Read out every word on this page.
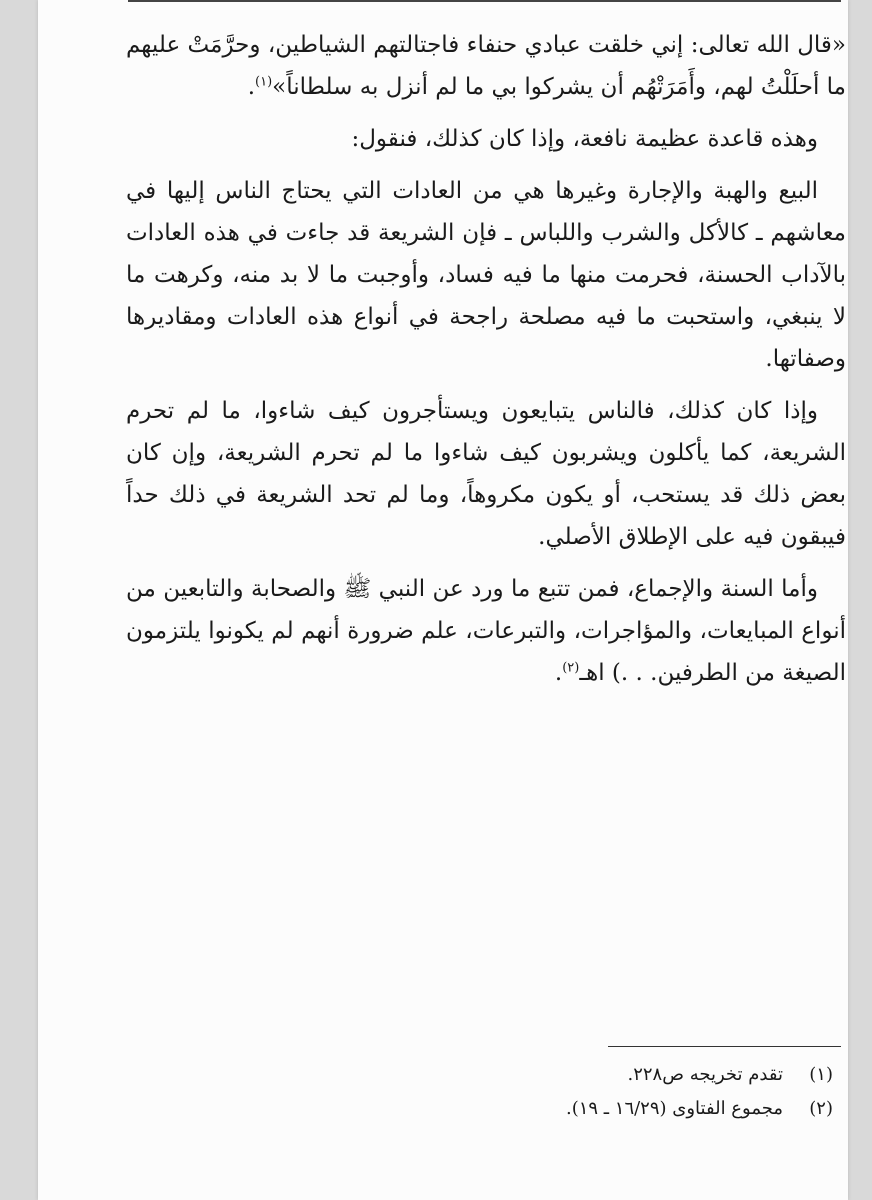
«قال الله تعالى: إني خلقت عبادي حنفاء فاجتالتهم الشياطين، وحرَّمَتْ عليهم ما أحلَلْتُ لهم، وأَمَرَتْهُم أن يشركوا بي ما لم أنزل به سلطاناً»$^{(١)}$.

وهذه قاعدة عظيمة نافعة، وإذا كان كذلك، فنقول:

البيع والهبة والإجارة وغيرها هي من العادات التي يحتاج الناس إليها في معاشهم ـ كالأكل والشرب واللباس ـ فإن الشريعة قد جاءت في هذه العادات بالآداب الحسنة، فحرمت منها ما فيه فساد، وأوجبت ما لا بد منه، وكرهت ما لا ينبغي، واستحبت ما فيه مصلحة راجحة في أنواع هذه العادات ومقاديرها وصفاتها.

وإذا كان كذلك، فالناس يتبايعون ويستأجرون كيف شاءوا، ما لم تحرم الشريعة، كما يأكلون ويشربون كيف شاءوا ما لم تحرم الشريعة، وإن كان بعض ذلك قد يستحب، أو يكون مكروهاً، وما لم تحد الشريعة في ذلك حداً فيبقون فيه على الإطلاق الأصلي.

وأما السنة والإجماع، فمن تتبع ما ورد عن النبي ﷺ والصحابة والتابعين من أنواع المبايعات، والمؤاجرات، والتبرعات، علم ضرورة أنهم لم يكونوا يلتزمون الصيغة من الطرفين. . .) اهـ$^{(٢)}$.

(١)
تقدم تخريجه ص٢٢٨.
(٢)
مجموع الفتاوى (١٦/٢٩ ـ ١٩).
